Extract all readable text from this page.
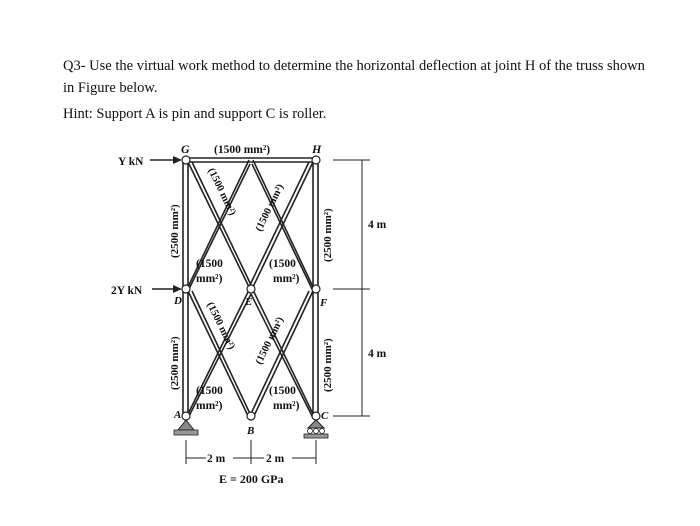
Q3- Use the virtual work method to determine the horizontal deflection at joint H of the truss shown in Figure below.
Hint: Support A is pin and support C is roller.
G	H
D	E	F
A
B
C
Y kN
2Y kN
(1500 mm²)
(2500 mm²)
(2500 mm²)
(2500 mm²)
(2500 mm²)
(1500 mm²) (1500 mm²)
(1500 mm²) (1500 mm²)
(1500
mm²)
(1500
mm²)
(1500
mm²)
(1500
mm²)
4 m
4 m
2 m	2 m
E = 200 GPa
